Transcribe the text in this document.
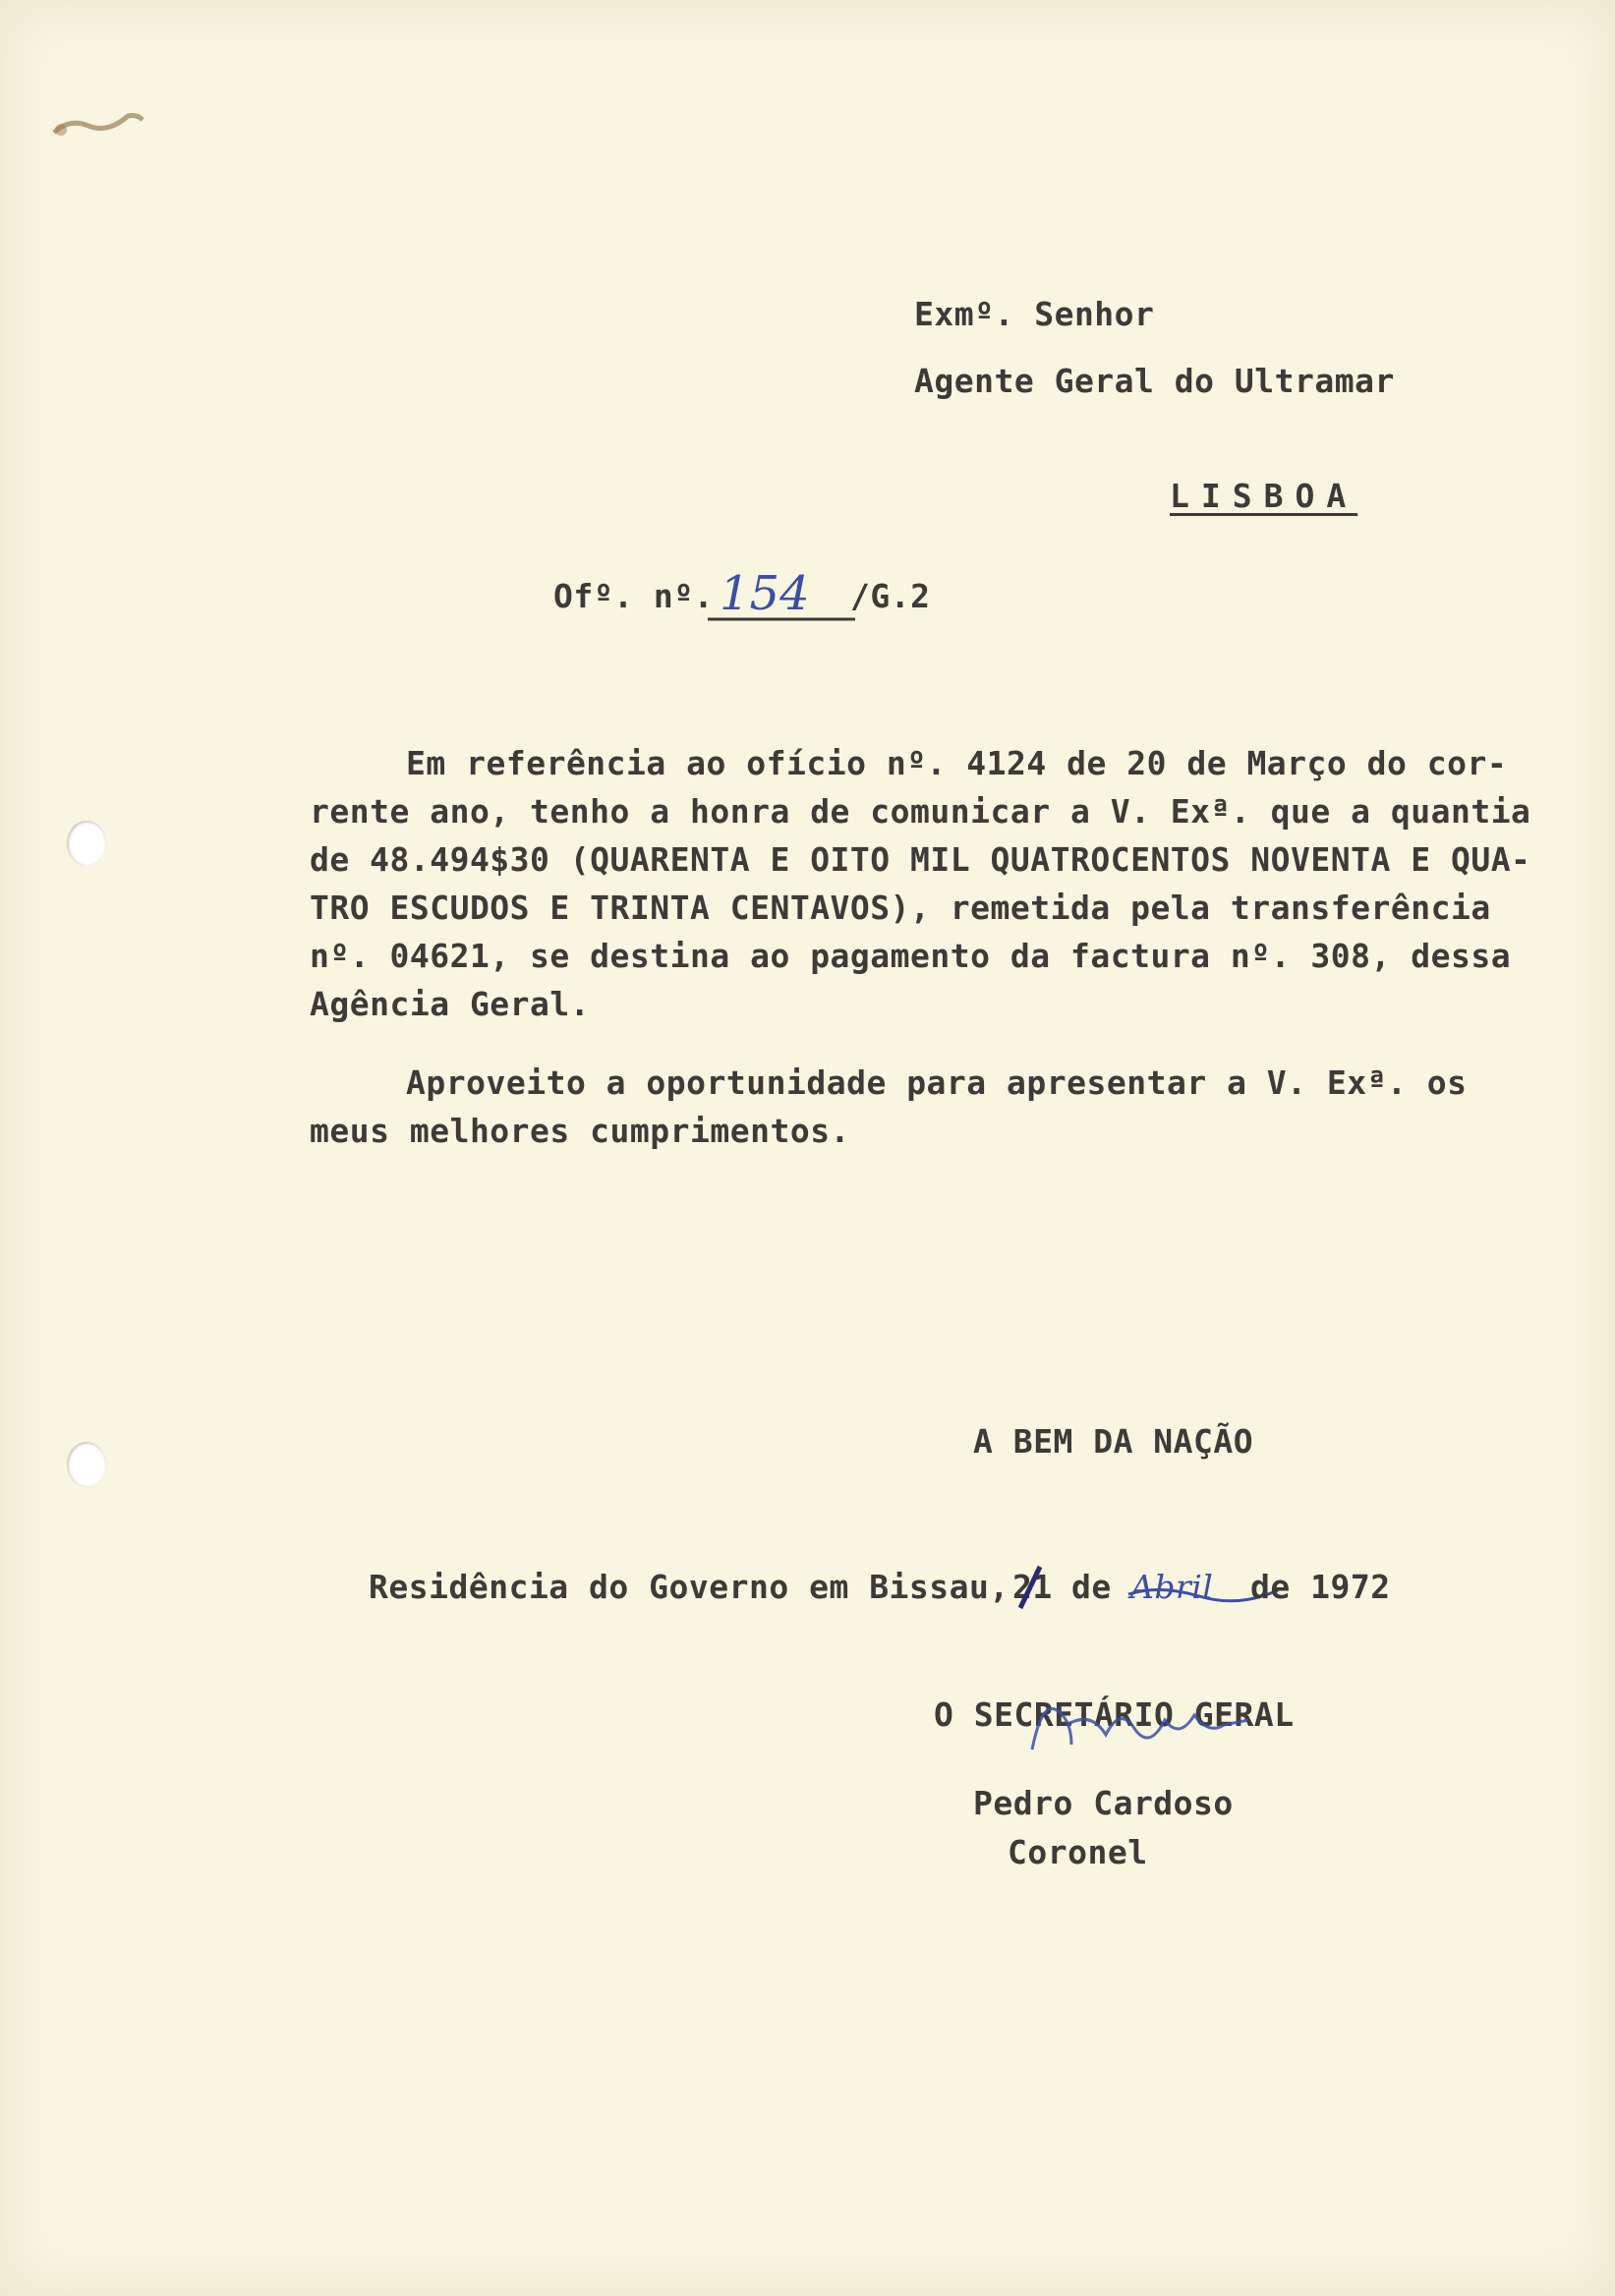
Exmº. Senhor
Agente Geral do Ultramar
LISBOA
Ofº. nº. 154 /G.2
Em referência ao ofício nº. 4124 de 20 de Março do cor-
rente ano, tenho a honra de comunicar a V. Exª. que a quantia
de 48.494$30 (QUARENTA E OITO MIL QUATROCENTOS NOVENTA E QUA-
TRO ESCUDOS E TRINTA CENTAVOS), remetida pela transferência
nº. 04621, se destina ao pagamento da factura nº. 308, dessa
Agência Geral.
Aproveito a oportunidade para apresentar a V. Exª. os
meus melhores cumprimentos.
A BEM DA NAÇÃO
Residência do Governo em Bissau, 21 de Abril de 1972
O SECRETÁRIO GERAL
Pedro Cardoso
Coronel
